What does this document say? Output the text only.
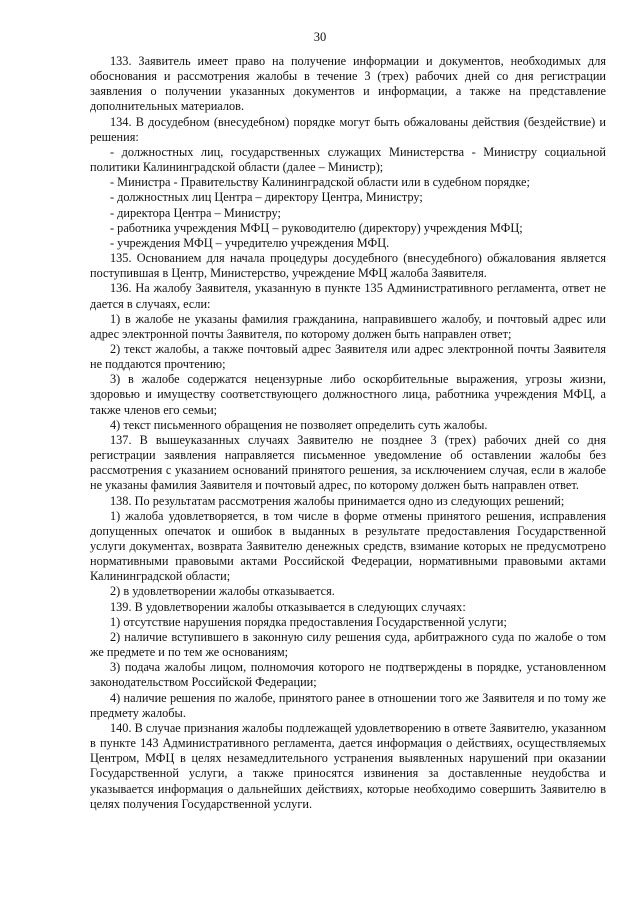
30

133. Заявитель имеет право на получение информации и документов, необходимых для обоснования и рассмотрения жалобы в течение 3 (трех) рабочих дней со дня регистрации заявления о получении указанных документов и информации, а также на представление дополнительных материалов.

134. В досудебном (внесудебном) порядке могут быть обжалованы действия (бездействие) и решения:

- должностных лиц, государственных служащих Министерства - Министру социальной политики Калининградской области (далее – Министр);

- Министра - Правительству Калининградской области или в судебном порядке;

- должностных лиц Центра – директору Центра, Министру;

- директора Центра – Министру;

- работника учреждения МФЦ – руководителю (директору) учреждения МФЦ;

- учреждения МФЦ – учредителю учреждения МФЦ.

135. Основанием для начала процедуры досудебного (внесудебного) обжалования является поступившая в Центр, Министерство, учреждение МФЦ жалоба Заявителя.

136. На жалобу Заявителя, указанную в пункте 135 Административного регламента, ответ не дается в случаях, если:

1) в жалобе не указаны фамилия гражданина, направившего жалобу, и почтовый адрес или адрес электронной почты Заявителя, по которому должен быть направлен ответ;

2) текст жалобы, а также почтовый адрес Заявителя или адрес электронной почты Заявителя не поддаются прочтению;

3) в жалобе содержатся нецензурные либо оскорбительные выражения, угрозы жизни, здоровью и имуществу соответствующего должностного лица, работника учреждения МФЦ, а также членов его семьи;

4) текст письменного обращения не позволяет определить суть жалобы.

137. В вышеуказанных случаях Заявителю не позднее 3 (трех) рабочих дней со дня регистрации заявления направляется письменное уведомление об оставлении жалобы без рассмотрения с указанием оснований принятого решения, за исключением случая, если в жалобе не указаны фамилия Заявителя и почтовый адрес, по которому должен быть направлен ответ.

138. По результатам рассмотрения жалобы принимается одно из следующих решений;

1) жалоба удовлетворяется, в том числе в форме отмены принятого решения, исправления допущенных опечаток и ошибок в выданных в результате предоставления Государственной услуги документах, возврата Заявителю денежных средств, взимание которых не предусмотрено нормативными правовыми актами Российской Федерации, нормативными правовыми актами Калининградской области;

2) в удовлетворении жалобы отказывается.

139. В удовлетворении жалобы отказывается в следующих случаях:

1) отсутствие нарушения порядка предоставления Государственной услуги;

2) наличие вступившего в законную силу решения суда, арбитражного суда по жалобе о том же предмете и по тем же основаниям;

3) подача жалобы лицом, полномочия которого не подтверждены в порядке, установленном законодательством Российской Федерации;

4) наличие решения по жалобе, принятого ранее в отношении того же Заявителя и по тому же предмету жалобы.

140. В случае признания жалобы подлежащей удовлетворению в ответе Заявителю, указанном в пункте 143 Административного регламента, дается информация о действиях, осуществляемых Центром, МФЦ в целях незамедлительного устранения выявленных нарушений при оказании Государственной услуги, а также приносятся извинения за доставленные неудобства и указывается информация о дальнейших действиях, которые необходимо совершить Заявителю в целях получения Государственной услуги.
